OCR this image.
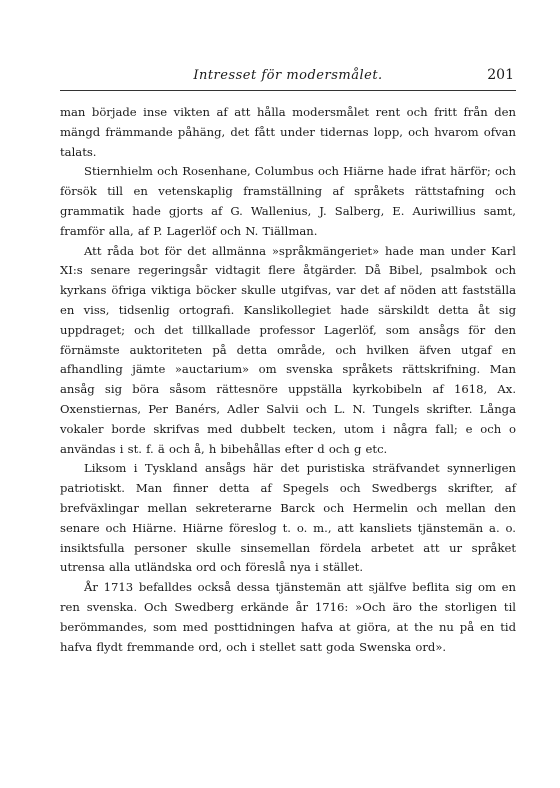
Intresset för modersmålet.	201

man började inse vikten af att hålla modersmålet rent och fritt från den mängd främmande påhäng, det fått under tidernas lopp, och hvarom ofvan talats.

Stiernhielm och Rosenhane, Columbus och Hiärne hade ifrat härför; och försök till en vetenskaplig framställning af språkets rättstafning och grammatik hade gjorts af G. Wallenius, J. Salberg, E. Auriwillius samt, framför alla, af P. Lagerlöf och N. Tiällman.

Att råda bot för det allmänna »språkmängeriet» hade man under Karl XI:s senare regeringsår vidtagit flere åtgärder. Då Bibel, psalmbok och kyrkans öfriga viktiga böcker skulle utgifvas, var det af nöden att fastställa en viss, tidsenlig ortografi. Kanslikollegiet hade särskildt detta åt sig uppdraget; och det tillkallade professor Lagerlöf, som ansågs för den förnämste auktoriteten på detta område, och hvilken äfven utgaf en afhandling jämte »auctarium» om svenska språkets rättskrifning. Man ansåg sig böra såsom rättesnöre uppställa kyrkobibeln af 1618, Ax. Oxenstiernas, Per Banérs, Adler Salvii och L. N. Tungels skrifter. Långa vokaler borde skrifvas med dubbelt tecken, utom i några fall; e och o användas i st. f. ä och å, h bibehållas efter d och g etc.

Liksom i Tyskland ansågs här det puristiska sträfvandet synnerligen patriotiskt. Man finner detta af Spegels och Swedbergs skrifter, af brefväxlingar mellan sekreterarne Barck och Hermelin och mellan den senare och Hiärne. Hiärne föreslog t. o. m., att kansliets tjänstemän a. o. insiktsfulla personer skulle sinsemellan fördela arbetet att ur språket utrensa alla utländska ord och föreslå nya i stället.

År 1713 befalldes också dessa tjänstemän att själfve beflita sig om en ren svenska. Och Swedberg erkände år 1716: »Och äro the storligen til berömmandes, som med posttidningen hafva at giöra, at the nu på en tid hafva flydt fremmande ord, och i stellet satt goda Swenska ord».
